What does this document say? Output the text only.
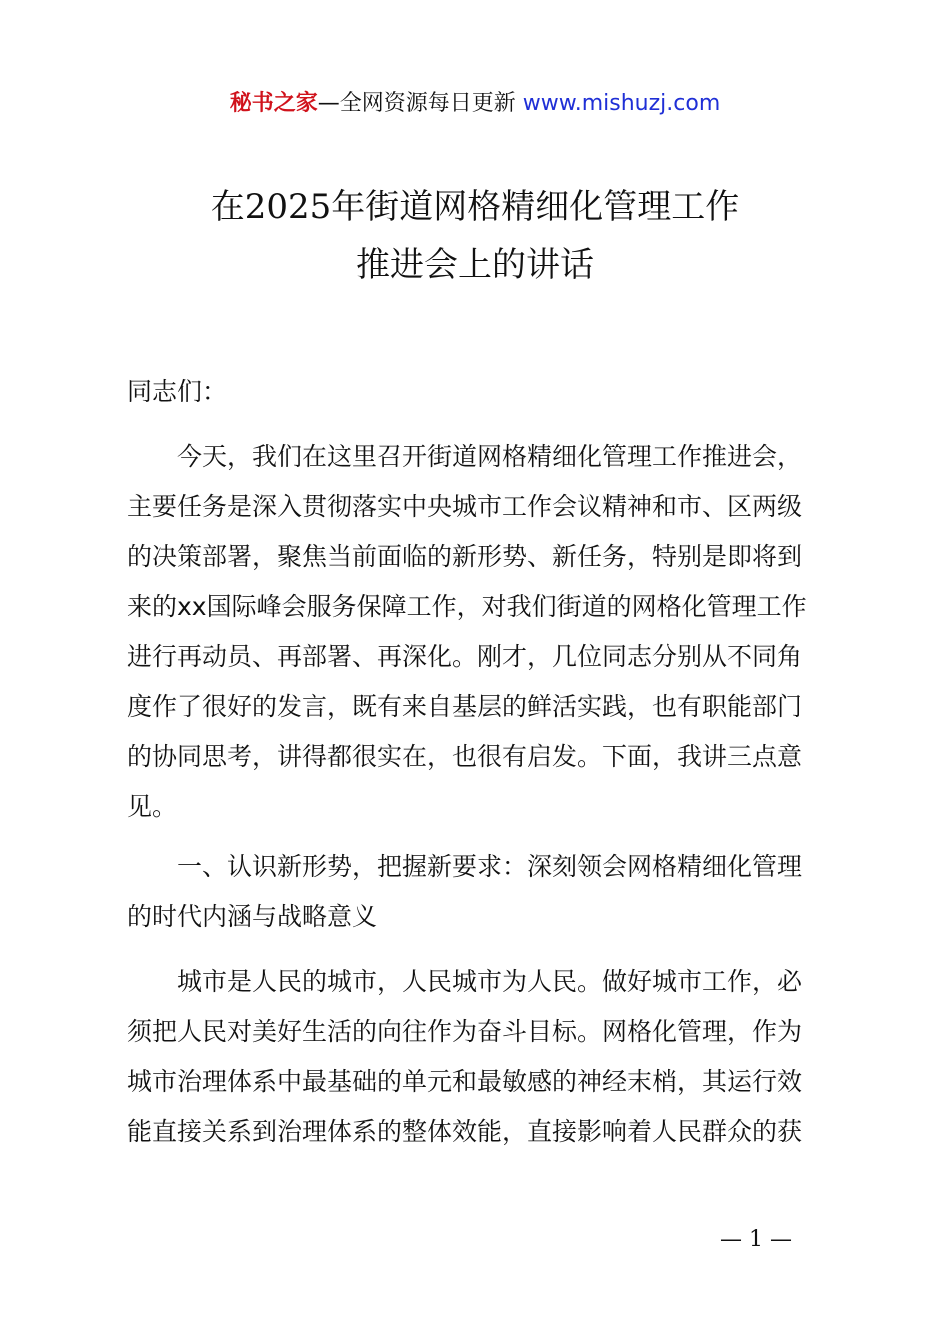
秘书之家—全网资源每日更新 www.mishuzj.com
在2025年街道网格精细化管理工作
推进会上的讲话
同志们：
今天，我们在这里召开街道网格精细化管理工作推进会，
主要任务是深入贯彻落实中央城市工作会议精神和市、区两级
的决策部署，聚焦当前面临的新形势、新任务，特别是即将到
来的xx国际峰会服务保障工作，对我们街道的网格化管理工作
进行再动员、再部署、再深化。刚才，几位同志分别从不同角
度作了很好的发言，既有来自基层的鲜活实践，也有职能部门
的协同思考，讲得都很实在，也很有启发。下面，我讲三点意
见。
一、认识新形势，把握新要求：深刻领会网格精细化管理
的时代内涵与战略意义
城市是人民的城市，人民城市为人民。做好城市工作，必
须把人民对美好生活的向往作为奋斗目标。网格化管理，作为
城市治理体系中最基础的单元和最敏感的神经末梢，其运行效
能直接关系到治理体系的整体效能，直接影响着人民群众的获
— 1 —
